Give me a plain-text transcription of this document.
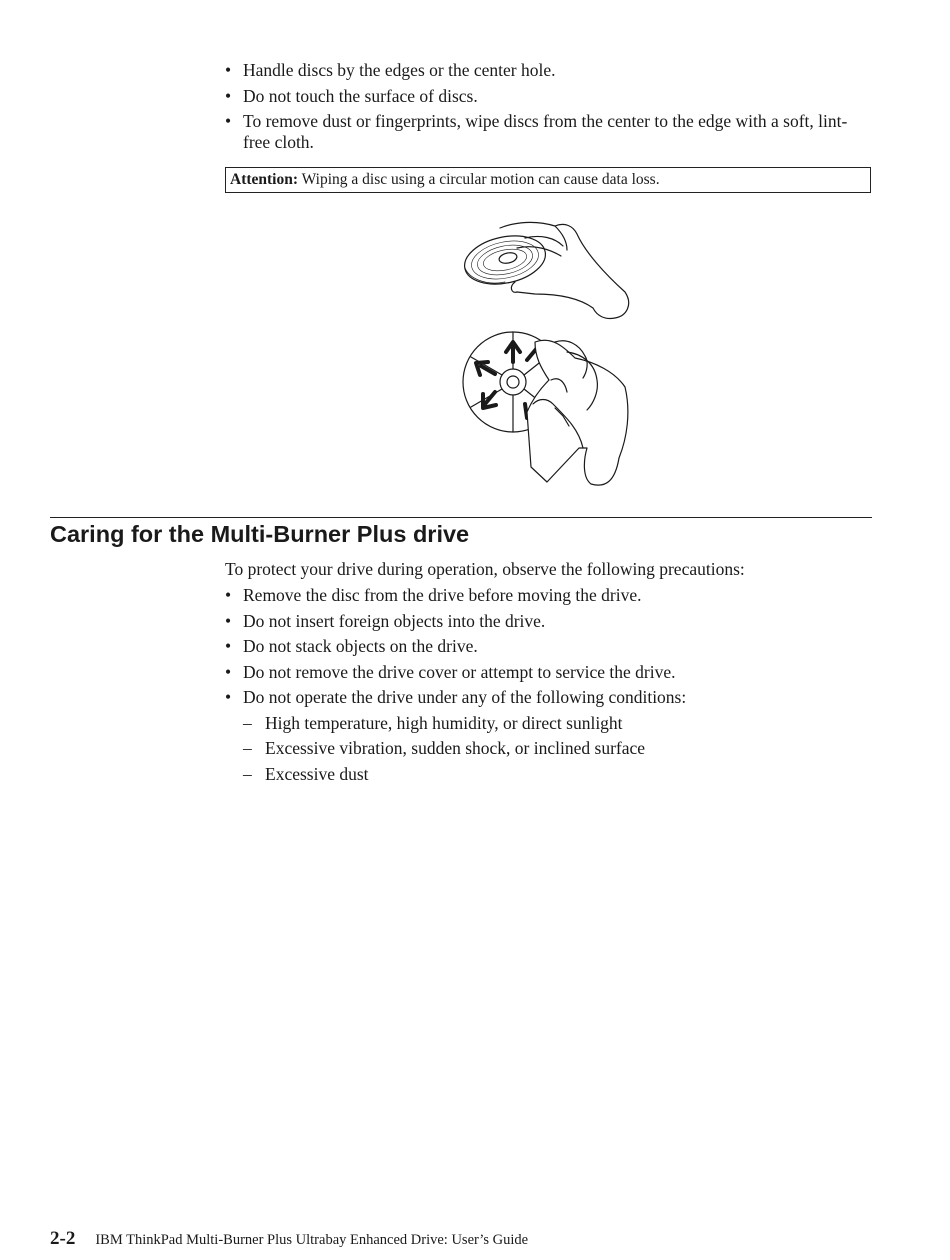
• Handle discs by the edges or the center hole.
• Do not touch the surface of discs.
• To remove dust or fingerprints, wipe discs from the center to the edge with a soft, lint-free cloth.
Attention: Wiping a disc using a circular motion can cause data loss.
Caring for the Multi-Burner Plus drive

To protect your drive during operation, observe the following precautions:

• Remove the disc from the drive before moving the drive.
• Do not insert foreign objects into the drive.
• Do not stack objects on the drive.
• Do not remove the drive cover or attempt to service the drive.
• Do not operate the drive under any of the following conditions:
– High temperature, high humidity, or direct sunlight
– Excessive vibration, sudden shock, or inclined surface
– Excessive dust
2-2 IBM ThinkPad Multi-Burner Plus Ultrabay Enhanced Drive: User’s Guide
